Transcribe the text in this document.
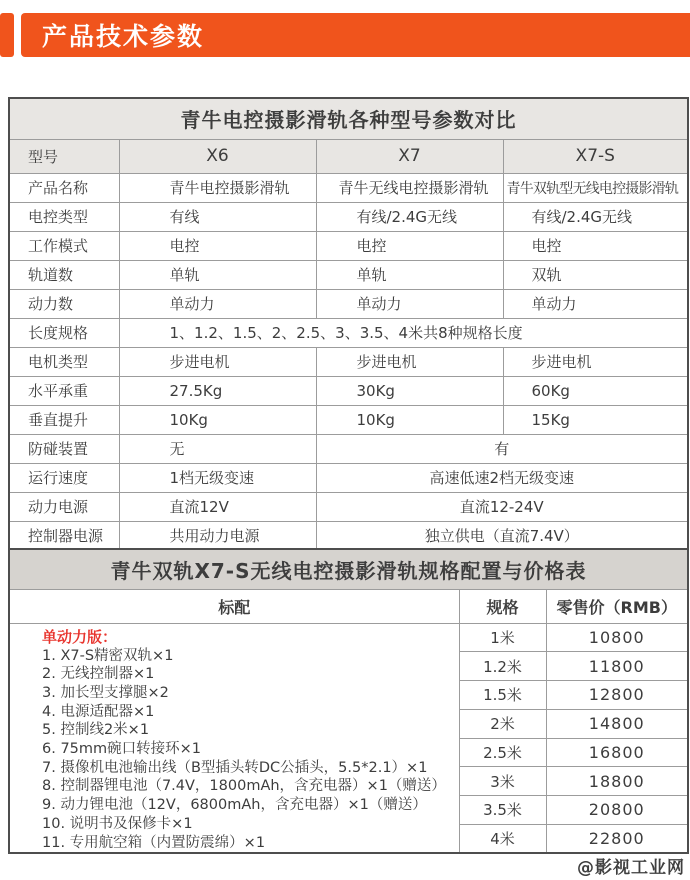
产品技术参数
青牛电控摄影滑轨各种型号参数对比			
型号	X6	X7	X7-S
产品名称	青牛电控摄影滑轨	青牛无线电控摄影滑轨	青牛双轨型无线电控摄影滑轨
电控类型	有线	有线/2.4G无线	有线/2.4G无线
工作模式	电控	电控	电控
轨道数	单轨	单轨	双轨
动力数	单动力	单动力	单动力
长度规格	1、1.2、1.5、2、2.5、3、3.5、4米共8种规格长度		
电机类型	步进电机	步进电机	步进电机
水平承重	27.5Kg	30Kg	60Kg
垂直提升	10Kg	10Kg	15Kg
防碰装置	无	有	
运行速度	1档无级变速	高速低速2档无级变速	
动力电源	直流12V	直流12-24V	
控制器电源	共用动力电源	独立供电（直流7.4V）	
青牛双轨X7-S无线电控摄影滑轨规格配置与价格表		
标配	规格	零售价（RMB）

单动力版：
1. X7-S精密双轨×1
2. 无线控制器×1
3. 加长型支撑腿×2
4. 电源适配器×1
5. 控制线2米×1
6. 75mm碗口转接环×1
7. 摄像机电池输出线（B型插头转DC公插头，5.5*2.1）×1
8. 控制器锂电池（7.4V，1800mAh，含充电器）×1（赠送）
9. 动力锂电池（12V，6800mAh，含充电器）×1（赠送）
10. 说明书及保修卡×1
11. 专用航空箱（内置防震绵）×1
	1米	10800
	1.2米	11800
	1.5米	12800
	2米	14800
	2.5米	16800
	3米	18800
	3.5米	20800
	4米	22800
@影视工业网
